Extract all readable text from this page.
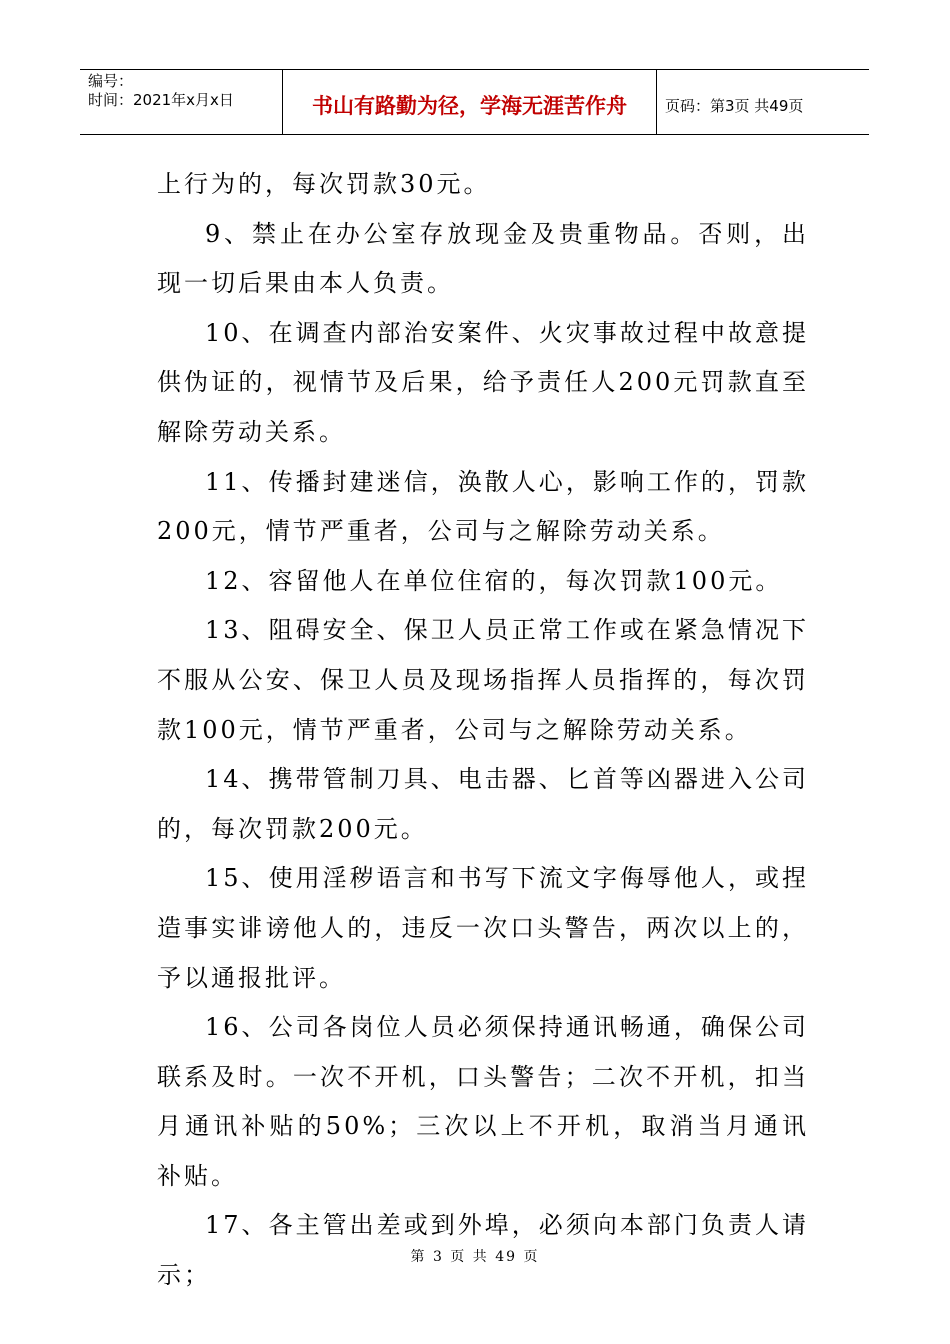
编号：
时间：2021年x月x日	书山有路勤为径，学海无涯苦作舟	页码：第3页 共49页

上行为的，每次罚款30元。

9、禁止在办公室存放现金及贵重物品。否则，出现一切后果由本人负责。

10、在调查内部治安案件、火灾事故过程中故意提供伪证的，视情节及后果，给予责任人200元罚款直至解除劳动关系。

11、传播封建迷信，涣散人心，影响工作的，罚款200元，情节严重者，公司与之解除劳动关系。

12、容留他人在单位住宿的，每次罚款100元。

13、阻碍安全、保卫人员正常工作或在紧急情况下不服从公安、保卫人员及现场指挥人员指挥的，每次罚款100元，情节严重者，公司与之解除劳动关系。

14、携带管制刀具、电击器、匕首等凶器进入公司的，每次罚款200元。

15、使用淫秽语言和书写下流文字侮辱他人，或捏造事实诽谤他人的，违反一次口头警告，两次以上的，予以通报批评。

16、公司各岗位人员必须保持通讯畅通，确保公司联系及时。一次不开机，口头警告；二次不开机，扣当月通讯补贴的50%；三次以上不开机，取消当月通讯补贴。

17、各主管出差或到外埠，必须向本部门负责人请示；

第 3 页 共 49 页
